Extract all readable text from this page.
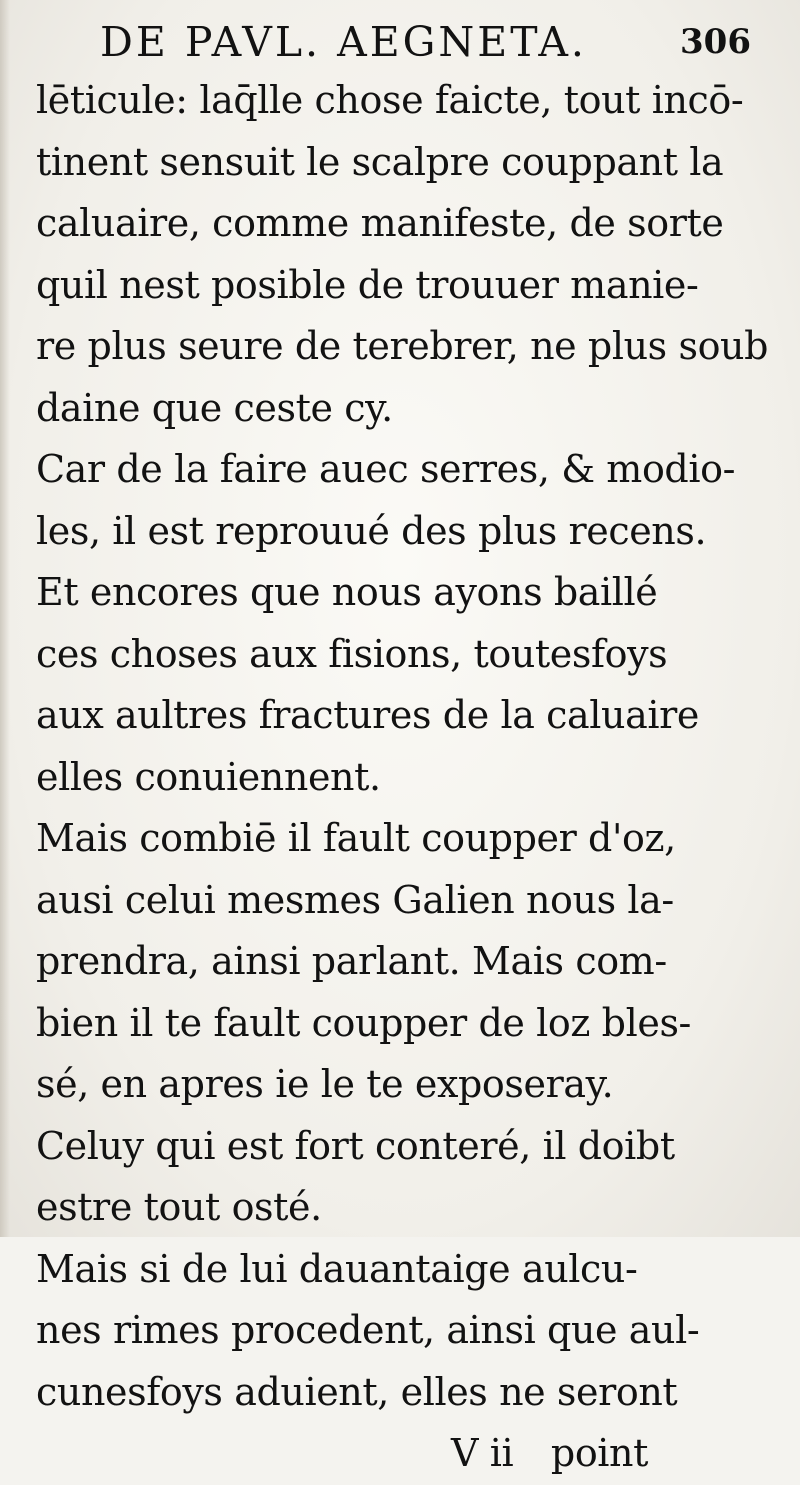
DE PAVL. AEGNETA.	306
lēticule: laq̄lle chose faicte, tout incō-
tinent sensuit le scalpre couppant la
caluaire, comme manifeste, de sorte
quil nest posible de trouuer manie-
re plus seure de terebrer, ne plus soub
daine que ceste cy.
Car de la faire auec serres, & modio-
les, il est reprouué des plus recens.
Et encores que nous ayons baillé
ces choses aux fisions, toutesfoys
aux aultres fractures de la caluaire
elles conuiennent.
Mais combiē il fault coupper d'oz,
ausi celui mesmes Galien nous la-
prendra, ainsi parlant. Mais com-
bien il te fault coupper de loz bles-
sé, en apres ie le te exposeray.
Celuy qui est fort conteré, il doibt
estre tout osté.
Mais si de lui dauantaige aulcu-
nes rimes procedent, ainsi que aul-
cunesfoys aduient, elles ne seront
V ii point
